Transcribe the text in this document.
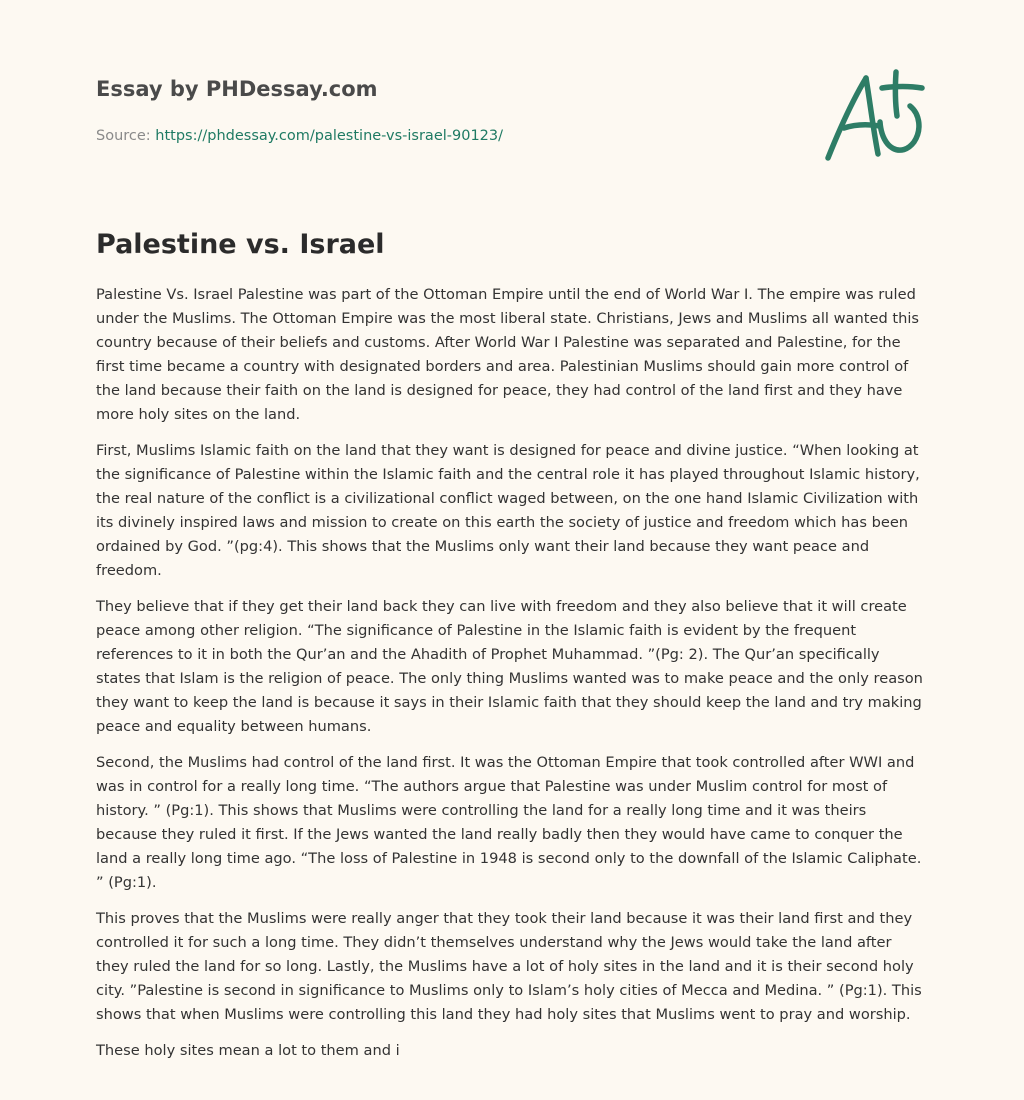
Essay by PHDessay.com

Source: https://phdessay.com/palestine-vs-israel-90123/
Palestine vs. Israel

Palestine Vs. Israel Palestine was part of the Ottoman Empire until the end of World War I. The empire was ruled under the Muslims. The Ottoman Empire was the most liberal state. Christians, Jews and Muslims all wanted this country because of their beliefs and customs. After World War I Palestine was separated and Palestine, for the first time became a country with designated borders and area. Palestinian Muslims should gain more control of the land because their faith on the land is designed for peace, they had control of the land first and they have more holy sites on the land.

First, Muslims Islamic faith on the land that they want is designed for peace and divine justice. “When looking at the significance of Palestine within the Islamic faith and the central role it has played throughout Islamic history, the real nature of the conflict is a civilizational conflict waged between, on the one hand Islamic Civilization with its divinely inspired laws and mission to create on this earth the society of justice and freedom which has been ordained by God. ”(pg:4). This shows that the Muslims only want their land because they want peace and freedom.

They believe that if they get their land back they can live with freedom and they also believe that it will create peace among other religion. “The significance of Palestine in the Islamic faith is evident by the frequent references to it in both the Qur’an and the Ahadith of Prophet Muhammad. ”(Pg: 2). The Qur’an specifically states that Islam is the religion of peace. The only thing Muslims wanted was to make peace and the only reason they want to keep the land is because it says in their Islamic faith that they should keep the land and try making peace and equality between humans.

Second, the Muslims had control of the land first. It was the Ottoman Empire that took controlled after WWI and was in control for a really long time. “The authors argue that Palestine was under Muslim control for most of history. ” (Pg:1). This shows that Muslims were controlling the land for a really long time and it was theirs because they ruled it first. If the Jews wanted the land really badly then they would have came to conquer the land a really long time ago. “The loss of Palestine in 1948 is second only to the downfall of the Islamic Caliphate. ” (Pg:1).

This proves that the Muslims were really anger that they took their land because it was their land first and they controlled it for such a long time. They didn’t themselves understand why the Jews would take the land after they ruled the land for so long. Lastly, the Muslims have a lot of holy sites in the land and it is their second holy city. ”Palestine is second in significance to Muslims only to Islam’s holy cities of Mecca and Medina. ” (Pg:1). This shows that when Muslims were controlling this land they had holy sites that Muslims went to pray and worship.

These holy sites mean a lot to them and i
